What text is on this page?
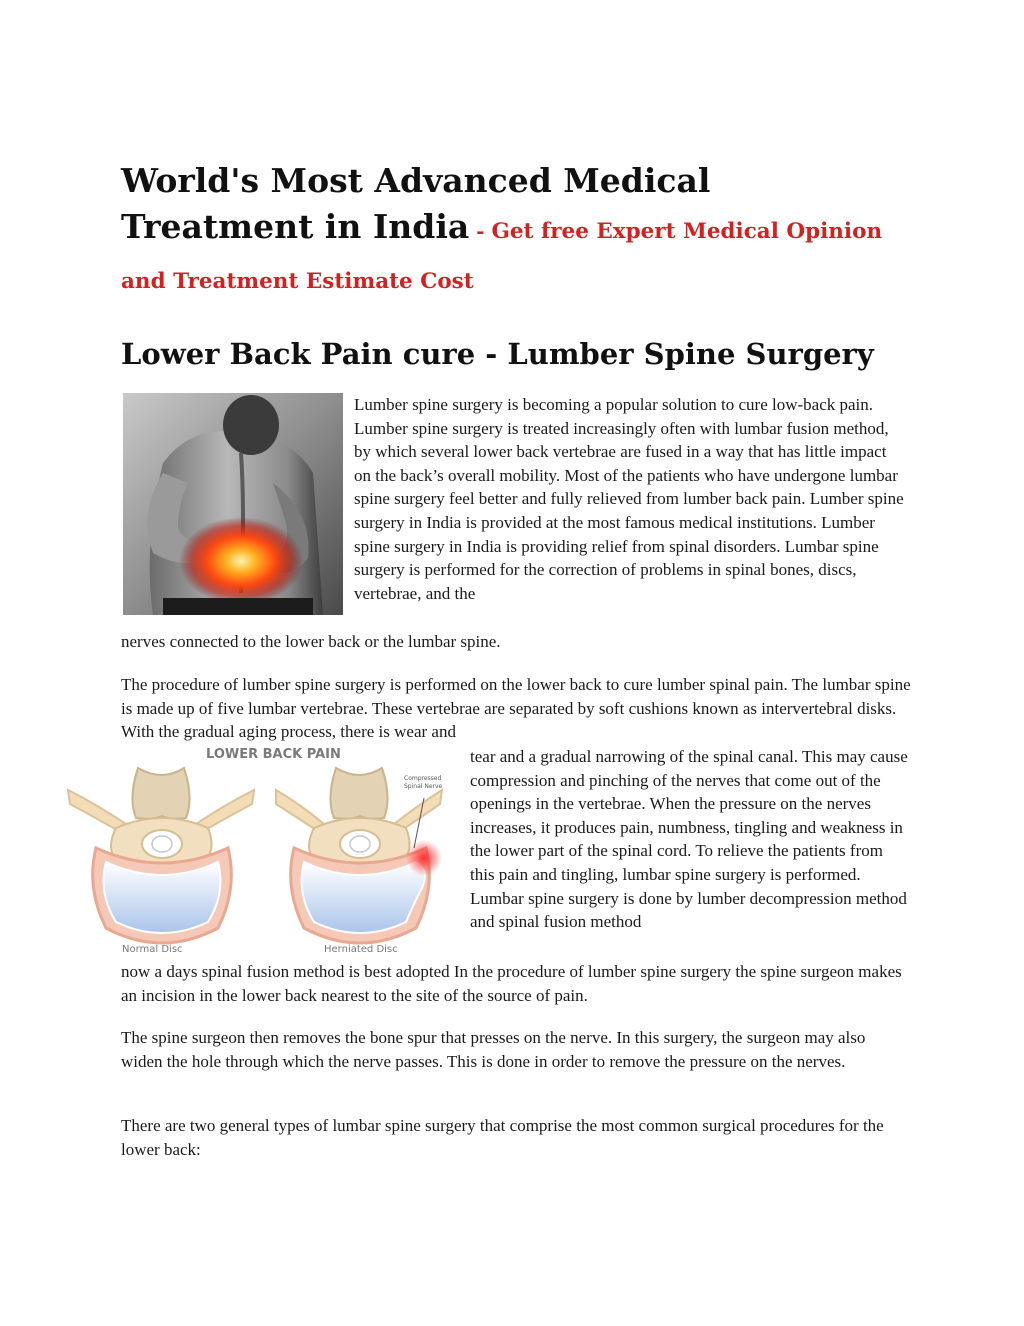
World's Most Advanced Medical Treatment in India - Get free Expert Medical Opinion and Treatment Estimate Cost
Lower Back Pain cure - Lumber Spine Surgery

Lumber spine surgery is becoming a popular solution to cure low-back pain. Lumber spine surgery is treated increasingly often with lumbar fusion method, by which several lower back vertebrae are fused in a way that has little impact on the back’s overall mobility. Most of the patients who have undergone lumbar spine surgery feel better and fully relieved from lumber back pain. Lumber spine surgery in India is provided at the most famous medical institutions. Lumber spine surgery in India is providing relief from spinal disorders. Lumbar spine surgery is performed for the correction of problems in spinal bones, discs, vertebrae, and the

nerves connected to the lower back or the lumbar spine.

The procedure of lumber spine surgery is performed on the lower back to cure lumber spinal pain. The lumbar spine is made up of five lumbar vertebrae. These vertebrae are separated by soft cushions known as intervertebral disks. With the gradual aging process, there is wear and

LOWER BACK PAIN
Compressed
Spinal Nerve
Normal Disc	Herniated Disc

tear and a gradual narrowing of the spinal canal. This may cause compression and pinching of the nerves that come out of the openings in the vertebrae. When the pressure on the nerves increases, it produces pain, numbness, tingling and weakness in the lower part of the spinal cord. To relieve the patients from this pain and tingling, lumbar spine surgery is performed. Lumbar spine surgery is done by lumber decompression method and spinal fusion method

now a days spinal fusion method is best adopted In the procedure of lumber spine surgery the spine surgeon makes an incision in the lower back nearest to the site of the source of pain.

The spine surgeon then removes the bone spur that presses on the nerve. In this surgery, the surgeon may also widen the hole through which the nerve passes. This is done in order to remove the pressure on the nerves.

There are two general types of lumbar spine surgery that comprise the most common surgical procedures for the lower back:
